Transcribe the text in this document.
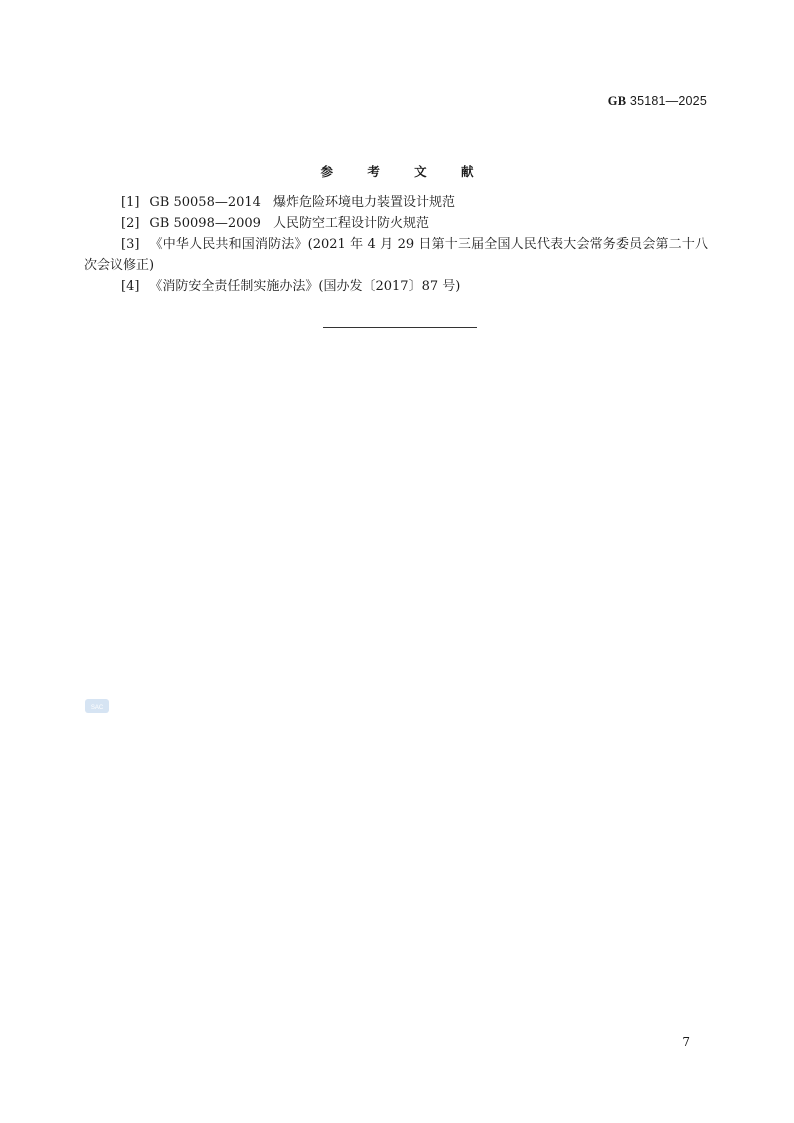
GB 35181—2025
参 考 文 献

[1] GB 50058—2014 爆炸危险环境电力装置设计规范

[2] GB 50098—2009 人民防空工程设计防火规范

[3] 《中华人民共和国消防法》(2021 年 4 月 29 日第十三届全国人民代表大会常务委员会第二十八次会议修正)

[4] 《消防安全责任制实施办法》(国办发〔2017〕87 号)

SAC
7
